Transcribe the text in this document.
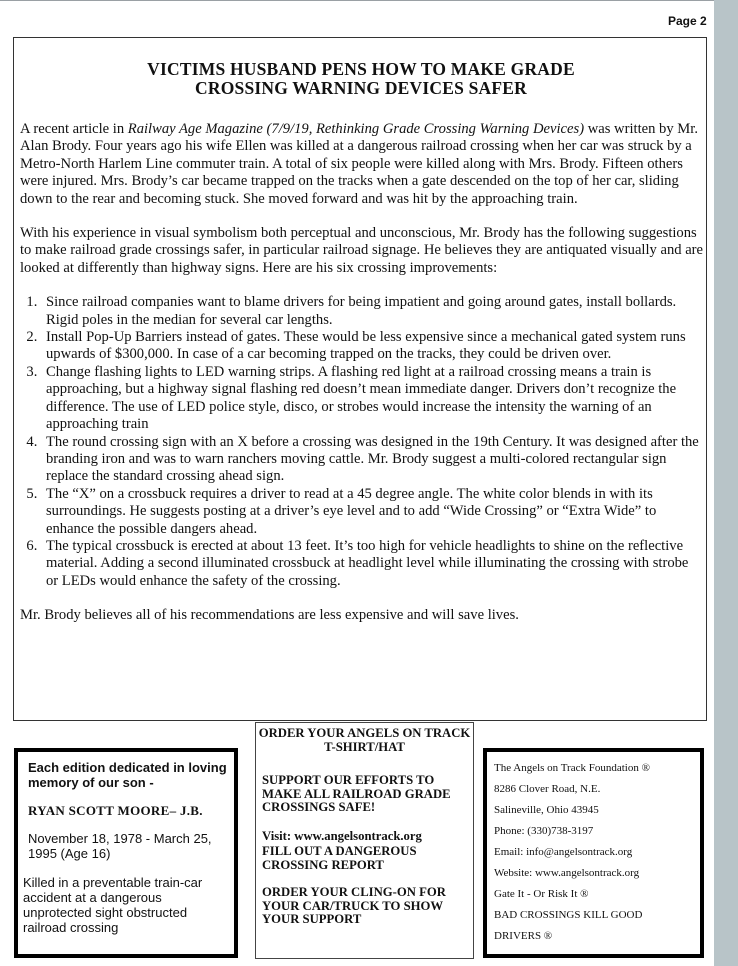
Page 2
VICTIMS HUSBAND PENS HOW TO MAKE GRADE
CROSSING WARNING DEVICES SAFER

A recent article in Railway Age Magazine (7/9/19, Rethinking Grade Crossing Warning Devices) was written by Mr. Alan Brody. Four years ago his wife Ellen was killed at a dangerous railroad crossing when her car was struck by a Metro-North Harlem Line commuter train. A total of six people were killed along with Mrs. Brody. Fifteen others were injured. Mrs. Brody’s car became trapped on the tracks when a gate descended on the top of her car, sliding down to the rear and becoming stuck. She moved forward and was hit by the approaching train.

With his experience in visual symbolism both perceptual and unconscious, Mr. Brody has the following suggestions to make railroad grade crossings safer, in particular railroad signage. He believes they are antiquated visually and are looked at differently than highway signs. Here are his six crossing improvements:

1. Since railroad companies want to blame drivers for being impatient and going around gates, install bollards. Rigid poles in the median for several car lengths.
2. Install Pop-Up Barriers instead of gates. These would be less expensive since a mechanical gated system runs upwards of $300,000. In case of a car becoming trapped on the tracks, they could be driven over.
3. Change flashing lights to LED warning strips. A flashing red light at a railroad crossing means a train is approaching, but a highway signal flashing red doesn’t mean immediate danger. Drivers don’t recognize the difference. The use of LED police style, disco, or strobes would increase the intensity the warning of an approaching train
4. The round crossing sign with an X before a crossing was designed in the 19th Century. It was designed after the branding iron and was to warn ranchers moving cattle. Mr. Brody suggest a multi-colored rectangular sign replace the standard crossing ahead sign.
5. The “X” on a crossbuck requires a driver to read at a 45 degree angle. The white color blends in with its surroundings. He suggests posting at a driver’s eye level and to add “Wide Crossing” or “Extra Wide” to enhance the possible dangers ahead.
6. The typical crossbuck is erected at about 13 feet. It’s too high for vehicle headlights to shine on the reflective material. Adding a second illuminated crossbuck at headlight level while illuminating the crossing with strobe or LEDs would enhance the safety of the crossing.

Mr. Brody believes all of his recommendations are less expensive and will save lives.

Each edition dedicated in loving memory of our son -
RYAN SCOTT MOORE– J.B.
November 18, 1978 - March 25, 1995 (Age 16)
Killed in a preventable train-car accident at a dangerous unprotected sight obstructed railroad crossing
ORDER YOUR ANGELS ON TRACK T-SHIRT/HAT
SUPPORT OUR EFFORTS TO MAKE ALL RAILROAD GRADE CROSSINGS SAFE!
Visit: www.angelsontrack.org
FILL OUT A DANGEROUS CROSSING REPORT
ORDER YOUR CLING-ON FOR YOUR CAR/TRUCK TO SHOW YOUR SUPPORT
The Angels on Track Foundation ®
8286 Clover Road, N.E.
Salineville, Ohio 43945
Phone: (330)738-3197
Email: info@angelsontrack.org
Website: www.angelsontrack.org
Gate It - Or Risk It ®
BAD CROSSINGS KILL GOOD
DRIVERS ®
